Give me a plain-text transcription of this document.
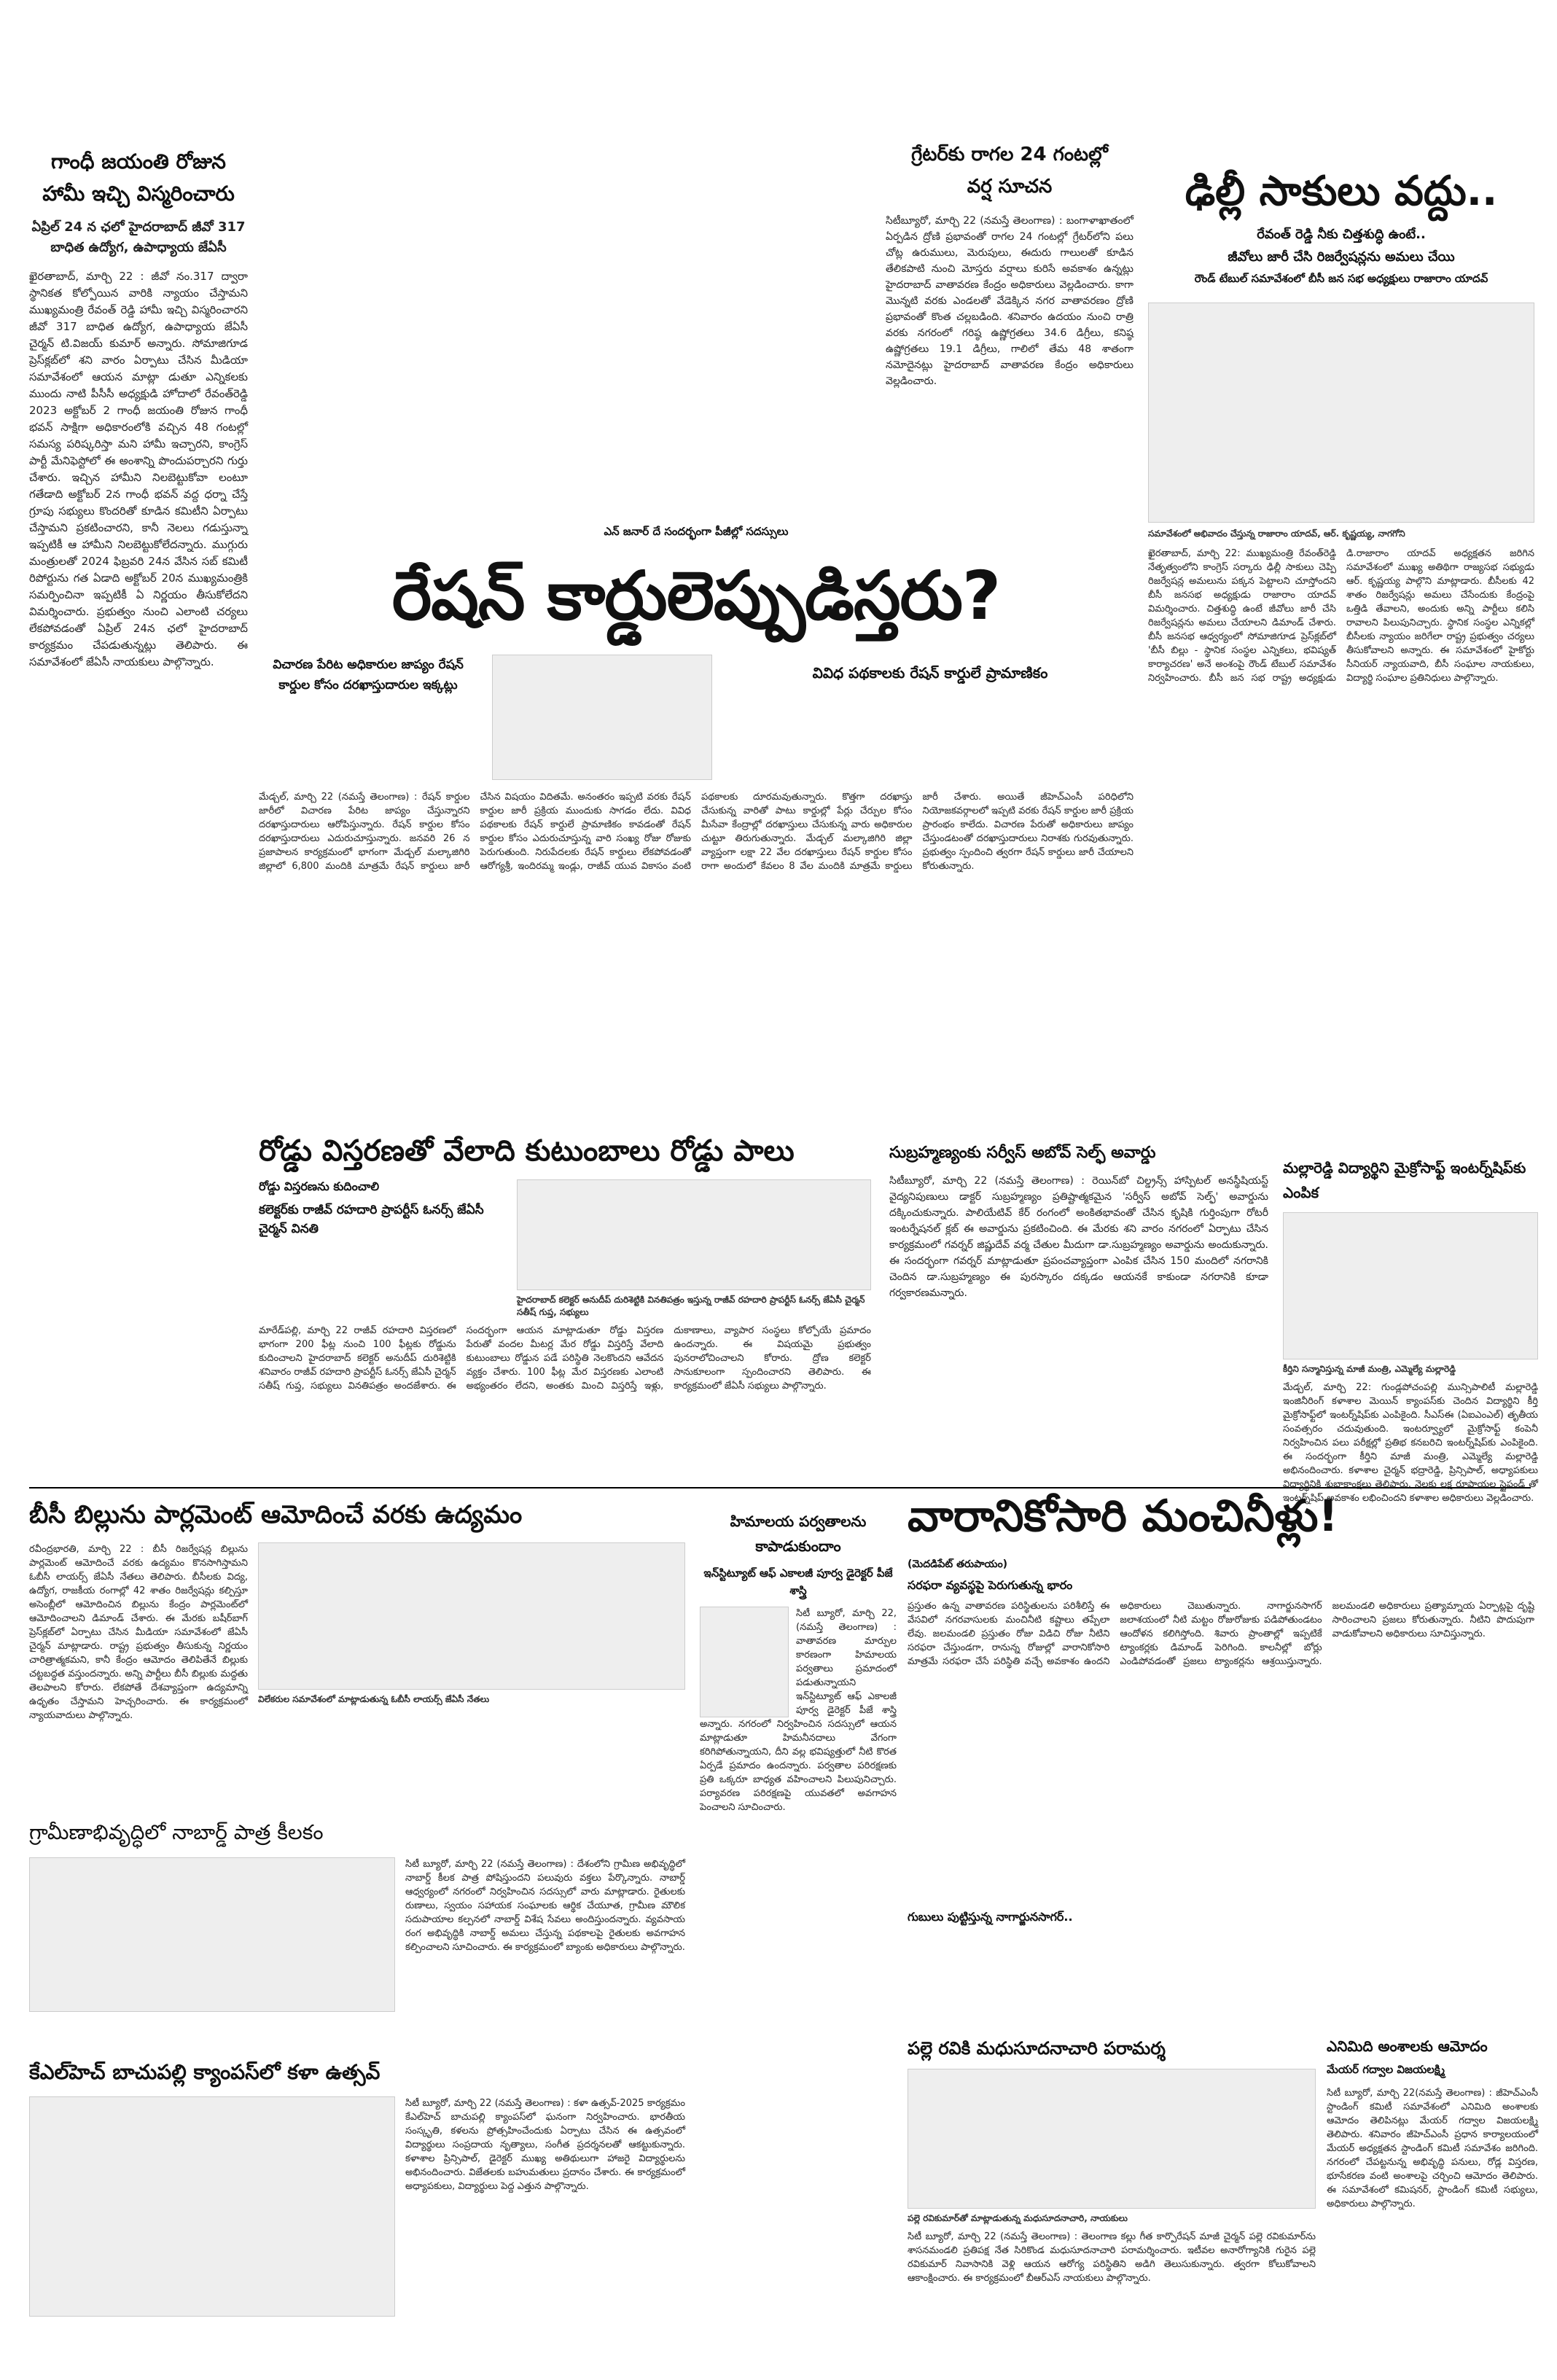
గాంధీ జయంతి రోజున హామీ ఇచ్చి విస్మరించారు
ఏప్రిల్ 24 న ఛలో హైదరాబాద్ జీవో 317 బాధిత ఉద్యోగ, ఉపాధ్యాయ జేఏసీ
ఖైరతాబాద్, మార్చి 22 : జీవో నం.317 ద్వారా స్థానికత కోల్పోయిన వారికి న్యాయం చేస్తామని ముఖ్యమంత్రి రేవంత్ రెడ్డి హామీ ఇచ్చి విస్మరించారని జీవో 317 బాధిత ఉద్యోగ, ఉపాధ్యాయ జేఏసీ చైర్మన్ టి.విజయ్ కుమార్ అన్నారు. సోమాజిగూడ ప్రెస్‌క్లబ్‌లో శని వారం ఏర్పాటు చేసిన మీడియా సమావేశంలో ఆయన మాట్లా డుతూ ఎన్నికలకు ముందు నాటి పీసీసీ అధ్యక్షుడి హోదాలో రేవంత్‌రెడ్డి 2023 అక్టోబర్ 2 గాంధీ జయంతి రోజున గాంధీ భవన్ సాక్షిగా అధికారంలోకి వచ్చిన 48 గంటల్లో సమస్య పరిష్కరిస్తా మని హామీ ఇచ్చారని, కాంగ్రెస్ పార్టీ మేనిఫెస్టోలో ఈ అంశాన్ని పొందుపర్చారని గుర్తు చేశారు. ఇచ్చిన హామీని నిలబెట్టుకోవా లంటూ గతేడాది అక్టోబర్ 2న గాంధీ భవన్ వద్ద ధర్నా చేస్తే గ్రూపు సభ్యులు కొందరితో కూడిన కమిటీని ఏర్పాటు చేస్తామని ప్రకటించారని, కానీ నెలలు గడుస్తున్నా ఇప్పటికీ ఆ హామీని నిలబెట్టుకోలేదన్నారు. ముగ్గురు మంత్రులతో 2024 ఫిబ్రవరి 24న వేసిన సబ్ కమిటీ రిపోర్టును గత ఏడాది అక్టోబర్ 20న ముఖ్యమంత్రికి సమర్పించినా ఇప్పటికీ ఏ నిర్ణయం తీసుకోలేదని విమర్శించారు. ప్రభుత్వం నుంచి ఎలాంటి చర్యలు లేకపోవడంతో ఏప్రిల్ 24న ఛలో హైదరాబాద్ కార్యక్రమం చేపడుతున్నట్లు తెలిపారు. ఈ సమావేశంలో జేఏసీ నాయకులు పాల్గొన్నారు.
గ్రేటర్‌కు రాగల 24 గంటల్లో వర్ష సూచన
సిటీబ్యూరో, మార్చి 22 (నమస్తే తెలంగాణ) : బంగాళాఖాతంలో ఏర్పడిన ద్రోణి ప్రభావంతో రాగల 24 గంటల్లో గ్రేటర్‌లోని పలు చోట్ల ఉరుములు, మెరుపులు, ఈదురు గాలులతో కూడిన తేలికపాటి నుంచి మోస్తరు వర్షాలు కురిసే అవకాశం ఉన్నట్లు హైదరాబాద్ వాతావరణ కేంద్రం అధికారులు వెల్లడించారు. కాగా మొన్నటి వరకు ఎండలతో వేడెక్కిన నగర వాతావరణం ద్రోణి ప్రభావంతో కొంత చల్లబడింది. శనివారం ఉదయం నుంచి రాత్రి వరకు నగరంలో గరిష్ఠ ఉష్ణోగ్రతలు 34.6 డిగ్రీలు, కనిష్ఠ ఉష్ణోగ్రతలు 19.1 డిగ్రీలు, గాలిలో తేమ 48 శాతంగా నమోదైనట్లు హైదరాబాద్ వాతావరణ కేంద్రం అధికారులు వెల్లడించారు.
ఢిల్లీ సాకులు వద్దు..
రేవంత్ రెడ్డి నీకు చిత్తశుద్ధి ఉంటే..
జీవోలు జారీ చేసి రిజర్వేషన్లను అమలు చేయి
రౌండ్ టేబుల్ సమావేశంలో బీసీ జన సభ అధ్యక్షులు రాజారాం యాదవ్
సమావేశంలో అభివాదం చేస్తున్న రాజారాం యాదవ్, ఆర్. కృష్ణయ్య, నాగగోని
ఖైరతాబాద్, మార్చి 22: ముఖ్యమంత్రి రేవంత్‌రెడ్డి నేతృత్వంలోని కాంగ్రెస్ సర్కారు ఢిల్లీ సాకులు చెప్పి రిజర్వేషన్ల అమలును పక్కన పెట్టాలని చూస్తోందని బీసీ జనసభ అధ్యక్షుడు రాజారాం యాదవ్ విమర్శించారు. చిత్తశుద్ధి ఉంటే జీవోలు జారీ చేసి రిజర్వేషన్లను అమలు చేయాలని డిమాండ్ చేశారు. బీసీ జనసభ ఆధ్వర్యంలో సోమాజిగూడ ప్రెస్‌క్లబ్‌లో 'బీసీ బిల్లు - స్థానిక సంస్థల ఎన్నికలు, భవిష్యత్ కార్యాచరణ' అనే అంశంపై రౌండ్ టేబుల్ సమావేశం నిర్వహించారు. బీసీ జన సభ రాష్ట్ర అధ్యక్షుడు డి.రాజారాం యాదవ్ అధ్యక్షతన జరిగిన సమావేశంలో ముఖ్య అతిథిగా రాజ్యసభ సభ్యుడు ఆర్. కృష్ణయ్య పాల్గొని మాట్లాడారు. బీసీలకు 42 శాతం రిజర్వేషన్లు అమలు చేసేందుకు కేంద్రంపై ఒత్తిడి తేవాలని, అందుకు అన్ని పార్టీలు కలిసి రావాలని పిలుపునిచ్చారు. స్థానిక సంస్థల ఎన్నికల్లో బీసీలకు న్యాయం జరిగేలా రాష్ట్ర ప్రభుత్వం చర్యలు తీసుకోవాలని అన్నారు. ఈ సమావేశంలో హైకోర్టు సీనియర్ న్యాయవాది, బీసీ సంఘాల నాయకులు, విద్యార్థి సంఘాల ప్రతినిధులు పాల్గొన్నారు.
ఎన్ జనార్ దే సందర్భంగా పీజీల్లో సదస్సులు
రేషన్ కార్డులెప్పుడిస్తరు?
విచారణ పేరిట అధికారుల జాప్యం రేషన్ కార్డుల కోసం దరఖాస్తుదారుల ఇక్కట్లు
వివిధ పథకాలకు రేషన్ కార్డులే ప్రామాణికం
మేడ్చల్, మార్చి 22 (నమస్తే తెలంగాణ) : రేషన్ కార్డుల జారీలో విచారణ పేరిట జాప్యం చేస్తున్నారని దరఖాస్తుదారులు ఆరోపిస్తున్నారు. రేషన్ కార్డుల కోసం దరఖాస్తుదారులు ఎదురుచూస్తున్నారు. జనవరి 26 న ప్రజాపాలన కార్యక్రమంలో భాగంగా మేడ్చల్ మల్కాజిగిరి జిల్లాలో 6,800 మందికి మాత్రమే రేషన్ కార్డులు జారీ చేసిన విషయం విదితమే. అనంతరం ఇప్పటి వరకు రేషన్ కార్డుల జారీ ప్రక్రియ ముందుకు సాగడం లేదు. వివిధ పథకాలకు రేషన్ కార్డులే ప్రామాణికం కావడంతో రేషన్ కార్డుల కోసం ఎదురుచూస్తున్న వారి సంఖ్య రోజు రోజుకు పెరుగుతుంది. నిరుపేదలకు రేషన్ కార్డులు లేకపోవడంతో ఆరోగ్యశ్రీ, ఇందిరమ్మ ఇండ్లు, రాజీవ్ యువ వికాసం వంటి పథకాలకు దూరమవుతున్నారు. కొత్తగా దరఖాస్తు చేసుకున్న వారితో పాటు కార్డుల్లో పేర్లు చేర్పుల కోసం మీసేవా కేంద్రాల్లో దరఖాస్తులు చేసుకున్న వారు అధికారుల చుట్టూ తిరుగుతున్నారు. మేడ్చల్ మల్కాజిగిరి జిల్లా వ్యాప్తంగా లక్షా 22 వేల దరఖాస్తులు రేషన్ కార్డుల కోసం రాగా అందులో కేవలం 8 వేల మందికి మాత్రమే కార్డులు జారీ చేశారు. అయితే జీహెచ్‌ఎంసీ పరిధిలోని నియోజకవర్గాలలో ఇప్పటి వరకు రేషన్ కార్డుల జారీ ప్రక్రియ ప్రారంభం కాలేదు. విచారణ పేరుతో అధికారులు జాప్యం చేస్తుండటంతో దరఖాస్తుదారులు నిరాశకు గురవుతున్నారు. ప్రభుత్వం స్పందించి త్వరగా రేషన్ కార్డులు జారీ చేయాలని కోరుతున్నారు.
రోడ్డు విస్తరణతో వేలాది కుటుంబాలు రోడ్డు పాలు
రోడ్డు విస్తరణను కుదించాలి
కలెక్టర్‌కు రాజీవ్ రహదారి ప్రాపర్టీస్ ఓనర్స్ జేఏసీ చైర్మన్ వినతి
హైదరాబాద్ కలెక్టర్ అనుదీప్ దురిశెట్టికి వినతిపత్రం ఇస్తున్న రాజీవ్ రహదారి ప్రాపర్టీస్ ఓనర్స్ జేఏసీ చైర్మన్ సతీష్ గుప్త, సభ్యులు
మారేడ్‌పల్లి, మార్చి 22 రాజీవ్ రహదారి విస్తరణలో భాగంగా 200 ఫీట్ల నుంచి 100 ఫీట్లకు రోడ్డును కుదించాలని హైదరాబాద్ కలెక్టర్ అనుదీప్ దురిశెట్టికి శనివారం రాజీవ్ రహదారి ప్రాపర్టీస్ ఓనర్స్ జేఏసీ చైర్మన్ సతీష్ గుప్త, సభ్యులు వినతిపత్రం అందజేశారు. ఈ సందర్భంగా ఆయన మాట్లాడుతూ రోడ్డు విస్తరణ పేరుతో వందల మీటర్ల మేర రోడ్డు విస్తరిస్తే వేలాది కుటుంబాలు రోడ్డున పడే పరిస్థితి నెలకొందని ఆవేదన వ్యక్తం చేశారు. 100 ఫీట్ల మేర విస్తరణకు ఎలాంటి అభ్యంతరం లేదని, అంతకు మించి విస్తరిస్తే ఇళ్లు, దుకాణాలు, వ్యాపార సంస్థలు కోల్పోయే ప్రమాదం ఉందన్నారు. ఈ విషయమై ప్రభుత్వం పునరాలోచించాలని కోరారు. ద్రోణ కలెక్టర్ సానుకూలంగా స్పందించారని తెలిపారు. ఈ కార్యక్రమంలో జేఏసీ సభ్యులు పాల్గొన్నారు.
సుబ్రహ్మణ్యంకు సర్వీస్ అబోవ్ సెల్ఫ్ అవార్డు
సిటీబ్యూరో, మార్చి 22 (నమస్తే తెలంగాణ) : రెయిన్‌బో చిల్డ్రన్స్ హాస్పిటల్ అనస్థీషియస్ట్ వైద్యనిపుణులు డాక్టర్ సుబ్రహ్మణ్యం ప్రతిష్టాత్మకమైన 'సర్వీస్ అబోవ్ సెల్ఫ్' అవార్డును దక్కించుకున్నారు. పాలియేటివ్ కేర్ రంగంలో అంకితభావంతో చేసిన కృషికి గుర్తింపుగా రోటరీ ఇంటర్నేషనల్ క్లబ్ ఈ అవార్డును ప్రకటించింది. ఈ మేరకు శని వారం నగరంలో ఏర్పాటు చేసిన కార్యక్రమంలో గవర్నర్ జిష్ణుదేవ్ వర్మ చేతుల మీదుగా డా.సుబ్రహ్మణ్యం అవార్డును అందుకున్నారు. ఈ సందర్భంగా గవర్నర్ మాట్లాడుతూ ప్రపంచవ్యాప్తంగా ఎంపిక చేసిన 150 మందిలో నగరానికి చెందిన డా.సుబ్రహ్మణ్యం ఈ పురస్కారం దక్కడం ఆయనకే కాకుండా నగరానికి కూడా గర్వకారణమన్నారు.
మల్లారెడ్డి విద్యార్థిని మైక్రోసాఫ్ట్ ఇంటర్న్‌షిప్‌కు ఎంపిక
కీర్తిని సన్మానిస్తున్న మాజీ మంత్రి, ఎమ్మెల్యే మల్లారెడ్డి
మేడ్చల్, మార్చి 22: గుండ్లపోచంపల్లి మున్సిపాలిటీ మల్లారెడ్డి ఇంజినీరింగ్ కళాశాల మెయిన్ క్యాంపస్‌కు చెందిన విద్యార్థిని కీర్తి మైక్రోసాఫ్ట్‌లో ఇంటర్న్‌షిప్‌కు ఎంపికైంది. సీఎస్ఈ (ఏఐఎంఎల్) తృతీయ సంవత్సరం చదువుతుంది. ఇంటర్వ్యూలో మైక్రోసాఫ్ట్ కంపెనీ నిర్వహించిన పలు పరీక్షల్లో ప్రతిభ కనబరిచి ఇంటర్న్‌షిప్‌కు ఎంపికైంది. ఈ సందర్భంగా కీర్తిని మాజీ మంత్రి, ఎమ్మెల్యే మల్లారెడ్డి అభినందించారు. కళాశాల చైర్మన్ భద్రారెడ్డి, ప్రిన్సిపాల్, అధ్యాపకులు విద్యార్థినికి శుభాకాంక్షలు తెలిపారు. నెలకు లక్ష రూపాయల స్టైఫండ్ తో ఇంటర్న్‌షిప్ అవకాశం లభించిందని కళాశాల అధికారులు వెల్లడించారు.
బీసీ బిల్లును పార్లమెంట్ ఆమోదించే వరకు ఉద్యమం
రవీంద్రభారతి, మార్చి 22 : బీసీ రిజర్వేషన్ల బిల్లును పార్లమెంట్ ఆమోదించే వరకు ఉద్యమం కొనసాగిస్తామని ఓబీసీ లాయర్స్ జేఏసీ నేతలు తెలిపారు. బీసీలకు విద్య, ఉద్యోగ, రాజకీయ రంగాల్లో 42 శాతం రిజర్వేషన్లు కల్పిస్తూ అసెంబ్లీలో ఆమోదించిన బిల్లును కేంద్రం పార్లమెంట్‌లో ఆమోదించాలని డిమాండ్ చేశారు. ఈ మేరకు బషీర్‌బాగ్ ప్రెస్‌క్లబ్‌లో ఏర్పాటు చేసిన మీడియా సమావేశంలో జేఏసీ చైర్మన్ మాట్లాడారు. రాష్ట్ర ప్రభుత్వం తీసుకున్న నిర్ణయం చారిత్రాత్మకమని, కానీ కేంద్రం ఆమోదం తెలిపితేనే బిల్లుకు చట్టబద్ధత వస్తుందన్నారు. అన్ని పార్టీలు బీసీ బిల్లుకు మద్దతు తెలపాలని కోరారు. లేకపోతే దేశవ్యాప్తంగా ఉద్యమాన్ని ఉధృతం చేస్తామని హెచ్చరించారు. ఈ కార్యక్రమంలో న్యాయవాదులు పాల్గొన్నారు.
విలేకరుల సమావేశంలో మాట్లాడుతున్న ఓబీసీ లాయర్స్ జేఏసీ నేతలు
హిమాలయ పర్వతాలను కాపాడుకుందాం
ఇన్‌స్టిట్యూట్ ఆఫ్ ఎకాలజీ పూర్వ డైరెక్టర్ పీజే శాస్త్రి
సిటీ బ్యూరో, మార్చి 22, (నమస్తే తెలంగాణ) : వాతావరణ మార్పుల కారణంగా హిమాలయ పర్వతాలు ప్రమాదంలో పడుతున్నాయని ఇన్‌స్టిట్యూట్ ఆఫ్ ఎకాలజీ పూర్వ డైరెక్టర్ పీజే శాస్త్రి అన్నారు. నగరంలో నిర్వహించిన సదస్సులో ఆయన మాట్లాడుతూ హిమనీనదాలు వేగంగా కరిగిపోతున్నాయని, దీని వల్ల భవిష్యత్తులో నీటి కొరత ఏర్పడే ప్రమాదం ఉందన్నారు. పర్వతాల పరిరక్షణకు ప్రతి ఒక్కరూ బాధ్యత వహించాలని పిలుపునిచ్చారు. పర్యావరణ పరిరక్షణపై యువతలో అవగాహన పెంచాలని సూచించారు.
వారానికోసారి మంచినీళ్లు!
(మెదడిపేట్ తరుపాయం)
సరఫరా వ్యవస్థపై పెరుగుతున్న భారం
ప్రస్తుతం ఉన్న వాతావరణ పరిస్థితులను పరిశీలిస్తే ఈ వేసవిలో నగరవాసులకు మంచినీటి కష్టాలు తప్పేలా లేవు. జలమండలి ప్రస్తుతం రోజు విడిచి రోజు నీటిని సరఫరా చేస్తుండగా, రానున్న రోజుల్లో వారానికోసారి మాత్రమే సరఫరా చేసే పరిస్థితి వచ్చే అవకాశం ఉందని అధికారులు చెబుతున్నారు. నాగార్జునసాగర్ జలాశయంలో నీటి మట్టం రోజురోజుకు పడిపోతుండటం ఆందోళన కలిగిస్తోంది. శివారు ప్రాంతాల్లో ఇప్పటికే ట్యాంకర్లకు డిమాండ్ పెరిగింది. కాలనీల్లో బోర్లు ఎండిపోవడంతో ప్రజలు ట్యాంకర్లను ఆశ్రయిస్తున్నారు. జలమండలి అధికారులు ప్రత్యామ్నాయ ఏర్పాట్లపై దృష్టి సారించాలని ప్రజలు కోరుతున్నారు. నీటిని పొదుపుగా వాడుకోవాలని అధికారులు సూచిస్తున్నారు.
గుబులు పుట్టిస్తున్న నాగార్జునసాగర్..
గ్రామీణాభివృద్ధిలో నాబార్డ్ పాత్ర కీలకం
సిటీ బ్యూరో, మార్చి 22 (నమస్తే తెలంగాణ) : దేశంలోని గ్రామీణ అభివృద్ధిలో నాబార్డ్ కీలక పాత్ర పోషిస్తుందని పలువురు వక్తలు పేర్కొన్నారు. నాబార్డ్ ఆధ్వర్యంలో నగరంలో నిర్వహించిన సదస్సులో వారు మాట్లాడారు. రైతులకు రుణాలు, స్వయం సహాయక సంఘాలకు ఆర్థిక చేయూత, గ్రామీణ మౌలిక సదుపాయాల కల్పనలో నాబార్డ్ విశేష సేవలు అందిస్తుందన్నారు. వ్యవసాయ రంగ అభివృద్ధికి నాబార్డ్ అమలు చేస్తున్న పథకాలపై రైతులకు అవగాహన కల్పించాలని సూచించారు. ఈ కార్యక్రమంలో బ్యాంకు అధికారులు పాల్గొన్నారు.
కేఎల్‌హెచ్ బాచుపల్లి క్యాంపస్‌లో కళా ఉత్సవ్
సిటీ బ్యూరో, మార్చి 22 (నమస్తే తెలంగాణ) : కళా ఉత్సవ్-2025 కార్యక్రమం కేఎల్‌హెచ్ బాచుపల్లి క్యాంపస్‌లో ఘనంగా నిర్వహించారు. భారతీయ సంస్కృతి, కళలను ప్రోత్సహించేందుకు ఏర్పాటు చేసిన ఈ ఉత్సవంలో విద్యార్థులు సంప్రదాయ నృత్యాలు, సంగీత ప్రదర్శనలతో ఆకట్టుకున్నారు. కళాశాల ప్రిన్సిపాల్, డైరెక్టర్ ముఖ్య అతిథులుగా హాజరై విద్యార్థులను అభినందించారు. విజేతలకు బహుమతులు ప్రదానం చేశారు. ఈ కార్యక్రమంలో అధ్యాపకులు, విద్యార్థులు పెద్ద ఎత్తున పాల్గొన్నారు.
పల్లె రవికి మధుసూదనాచారి పరామర్శ
పల్లె రవికుమార్‌తో మాట్లాడుతున్న మధుసూదనాచారి, నాయకులు
సిటీ బ్యూరో, మార్చి 22 (నమస్తే తెలంగాణ) : తెలంగాణ కల్లు గీత కార్పొరేషన్ మాజీ చైర్మన్ పల్లె రవికుమార్‌ను శాసనమండలి ప్రతిపక్ష నేత సిరికొండ మధుసూదనాచారి పరామర్శించారు. ఇటీవల అనారోగ్యానికి గురైన పల్లె రవికుమార్ నివాసానికి వెళ్లి ఆయన ఆరోగ్య పరిస్థితిని అడిగి తెలుసుకున్నారు. త్వరగా కోలుకోవాలని ఆకాంక్షించారు. ఈ కార్యక్రమంలో బీఆర్ఎస్ నాయకులు పాల్గొన్నారు.
ఎనిమిది అంశాలకు ఆమోదం
మేయర్ గద్వాల విజయలక్ష్మి
సిటీ బ్యూరో, మార్చి 22(నమస్తే తెలంగాణ) : జీహెచ్‌ఎంసీ స్టాండింగ్ కమిటీ సమావేశంలో ఎనిమిది అంశాలకు ఆమోదం తెలిపినట్లు మేయర్ గద్వాల విజయలక్ష్మి తెలిపారు. శనివారం జీహెచ్‌ఎంసీ ప్రధాన కార్యాలయంలో మేయర్ అధ్యక్షతన స్టాండింగ్ కమిటీ సమావేశం జరిగింది. నగరంలో చేపట్టనున్న అభివృద్ధి పనులు, రోడ్ల విస్తరణ, భూసేకరణ వంటి అంశాలపై చర్చించి ఆమోదం తెలిపారు. ఈ సమావేశంలో కమిషనర్, స్టాండింగ్ కమిటీ సభ్యులు, అధికారులు పాల్గొన్నారు.
